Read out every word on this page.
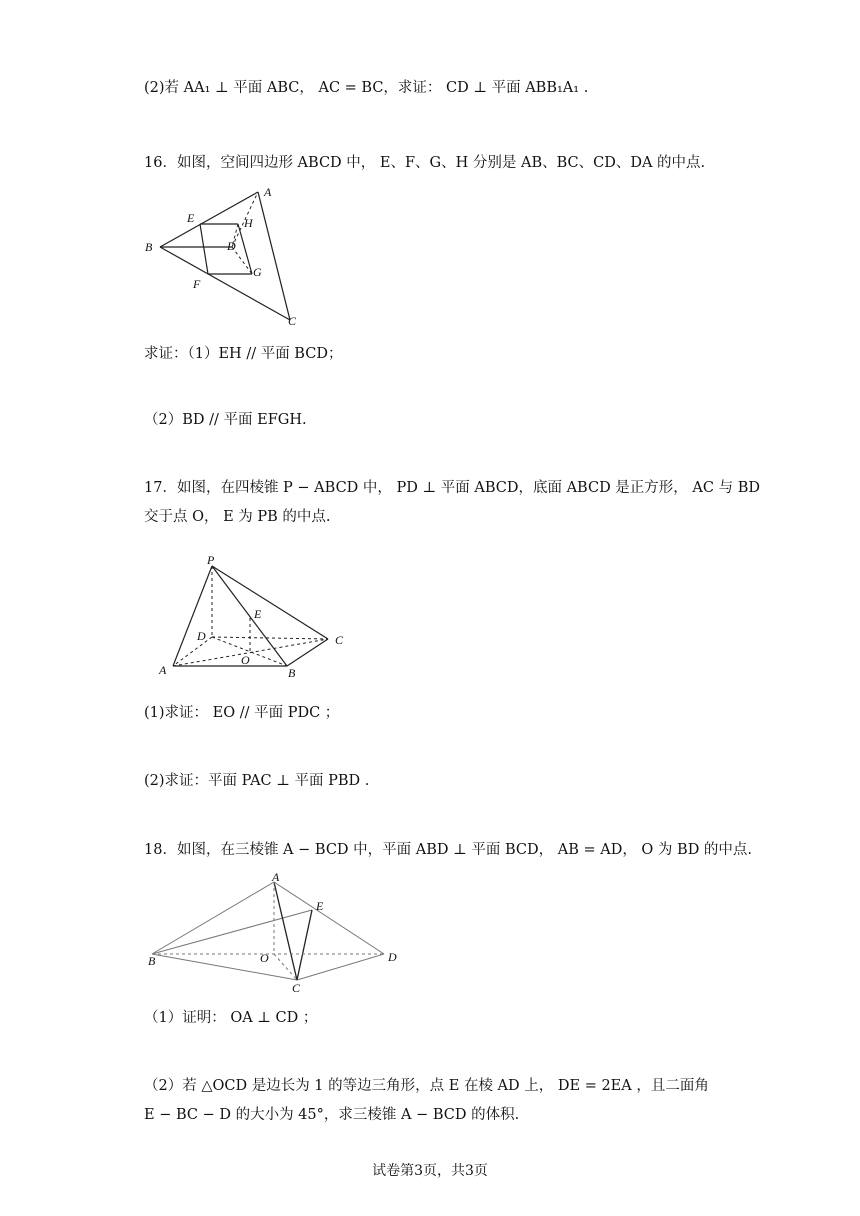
(2)若 AA₁ ⊥ 平面 ABC， AC = BC，求证： CD ⊥ 平面 ABB₁A₁ .
16．如图，空间四边形 ABCD 中， E、F、G、H 分别是 AB、BC、CD、DA 的中点.
A
B
C
D
E
F
G
H
求证：（1）EH // 平面 BCD；
（2）BD // 平面 EFGH.
17．如图，在四棱锥 P − ABCD 中， PD ⊥ 平面 ABCD，底面 ABCD 是正方形， AC 与 BD
交于点 O， E 为 PB 的中点.
P
A	B
C
D
E
O
(1)求证： EO // 平面 PDC ；
(2)求证：平面 PAC ⊥ 平面 PBD .
18．如图，在三棱锥 A − BCD 中，平面 ABD ⊥ 平面 BCD， AB = AD， O 为 BD 的中点.
A
B
C
D
E
O
（1）证明： OA ⊥ CD ；
（2）若 △OCD 是边长为 1 的等边三角形，点 E 在棱 AD 上， DE = 2EA ，且二面角
E − BC − D 的大小为 45°，求三棱锥 A − BCD 的体积.
试卷第3页，共3页
